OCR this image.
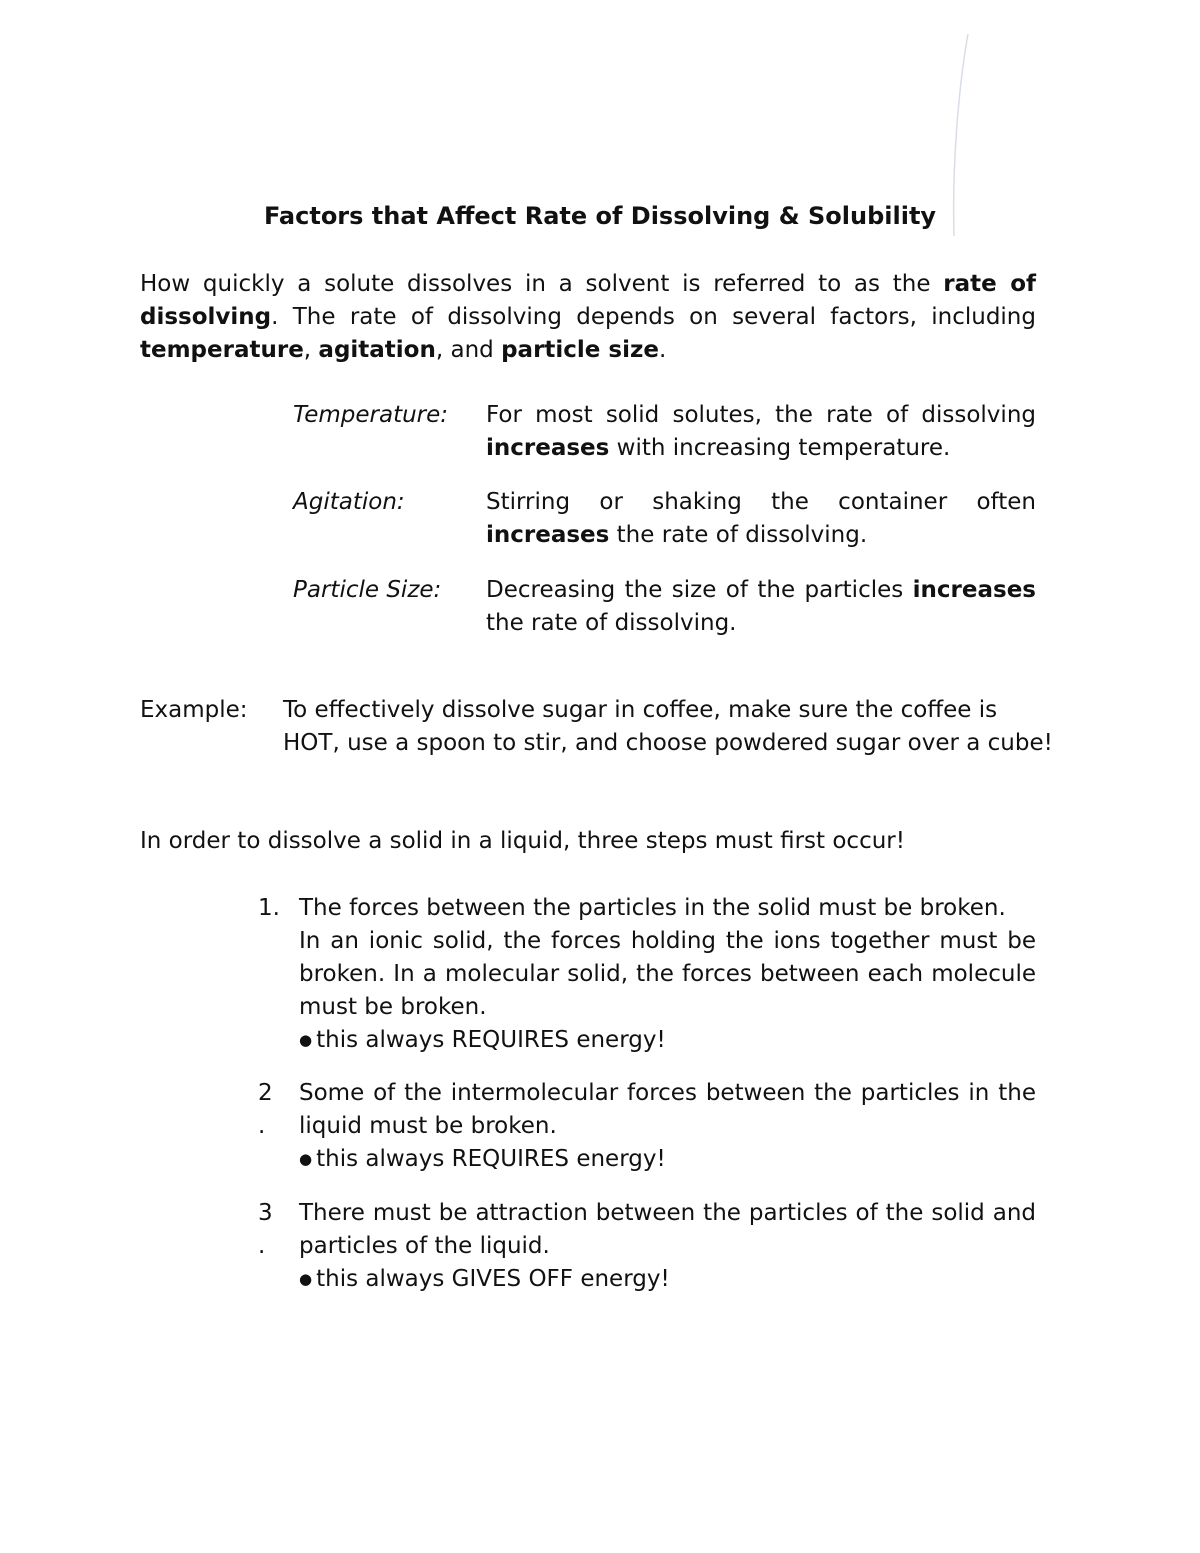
Factors that Affect Rate of Dissolving & Solubility

How quickly a solute dissolves in a solvent is referred to as the rate of dissolving. The rate of dissolving depends on several factors, including temperature, agitation, and particle size.

Temperature:	For most solid solutes, the rate of dissolving increases with increasing temperature.
Agitation:	Stirring or shaking the container often increases the rate of dissolving.
Particle Size:	Decreasing the size of the particles increases the rate of dissolving.
Example: To effectively dissolve sugar in coffee, make sure the coffee is HOT, use a spoon to stir, and choose powdered sugar over a cube!

In order to dissolve a solid in a liquid, three steps must first occur!

1. The forces between the particles in the solid must be broken.
In an ionic solid, the forces holding the ions together must be broken. In a molecular solid, the forces between each molecule must be broken.
● this always REQUIRES energy!
2 .
Some of the intermolecular forces between the particles in the liquid must be broken.
● this always REQUIRES energy!
3 .
There must be attraction between the particles of the solid and particles of the liquid.
● this always GIVES OFF energy!
